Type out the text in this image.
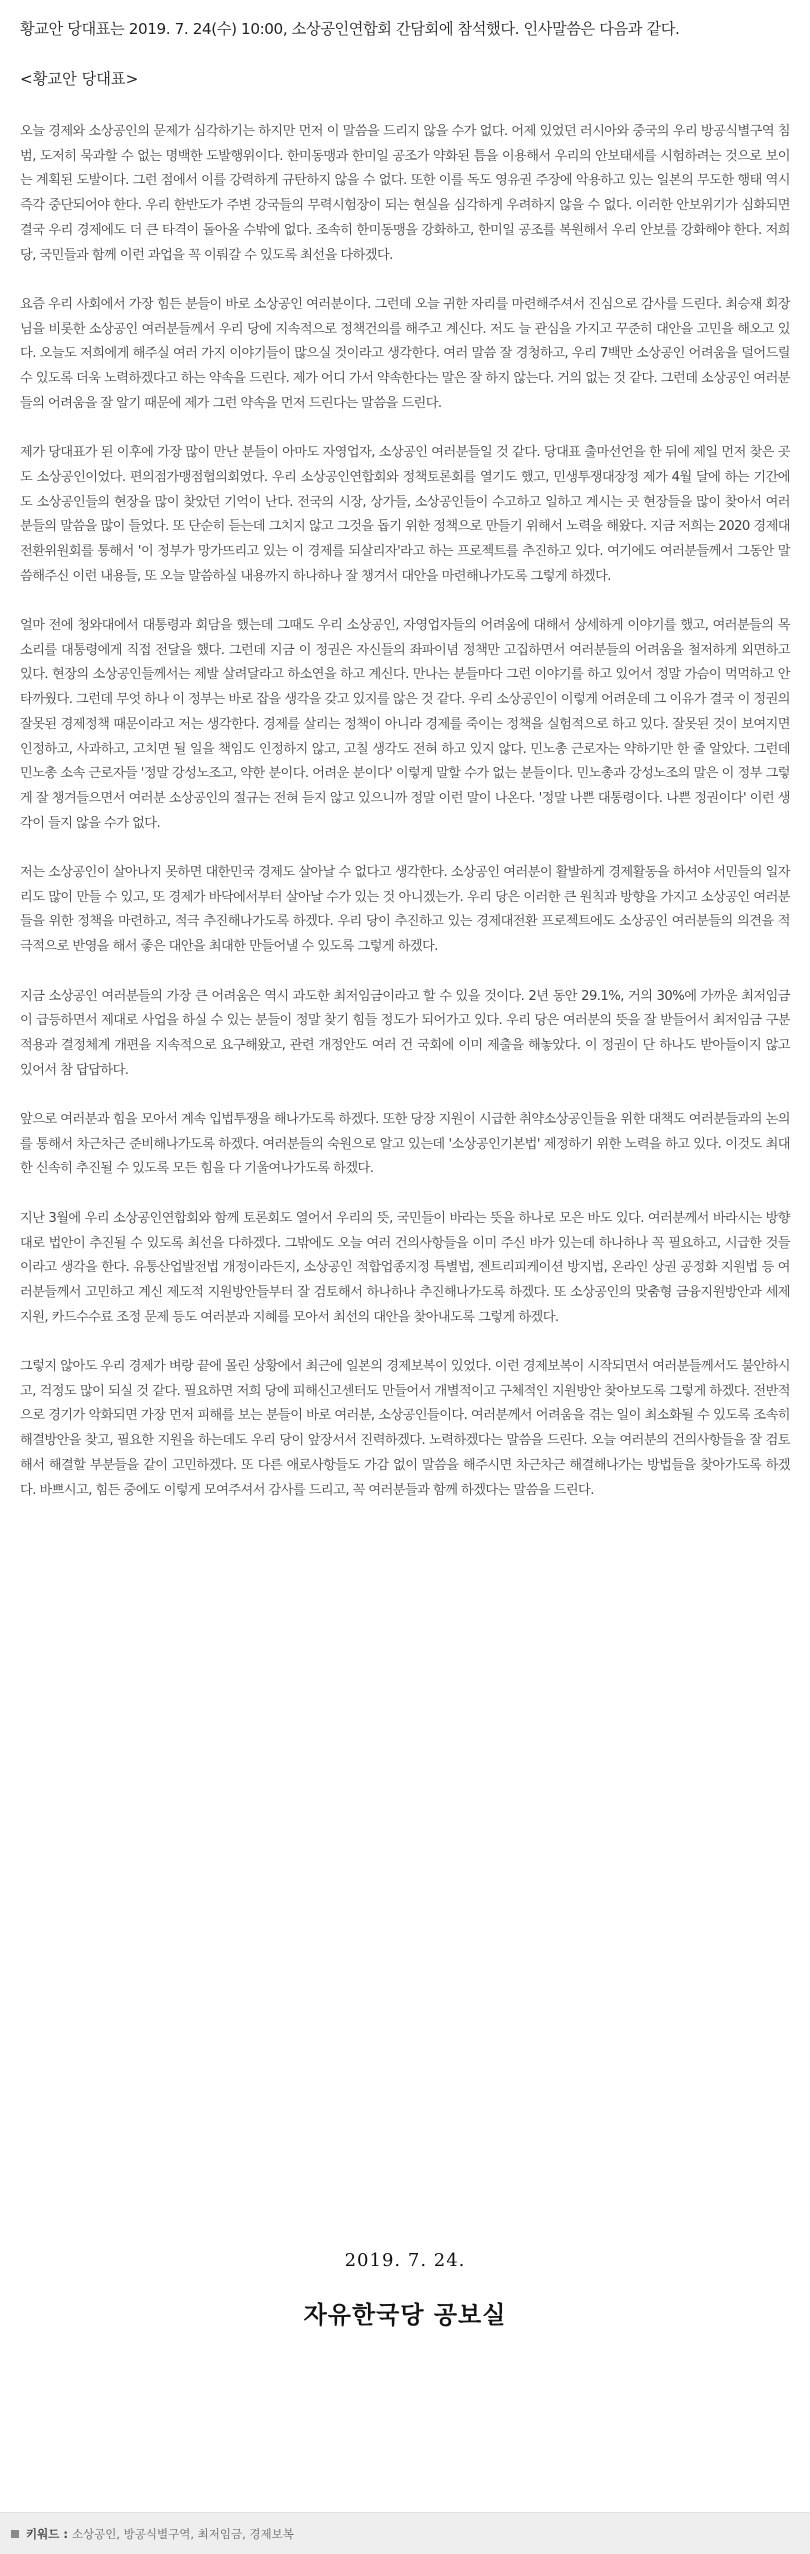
황교안 당대표는 2019. 7. 24(수) 10:00, 소상공인연합회 간담회에 참석했다. 인사말씀은 다음과 같다.

<황교안 당대표>

오늘 경제와 소상공인의 문제가 심각하기는 하지만 먼저 이 말씀을 드리지 않을 수가 없다. 어제 있었던 러시아와 중국의 우리 방공식별구역 침범, 도저히 묵과할 수 없는 명백한 도발행위이다. 한미동맹과 한미일 공조가 약화된 틈을 이용해서 우리의 안보태세를 시험하려는 것으로 보이는 계획된 도발이다. 그런 점에서 이를 강력하게 규탄하지 않을 수 없다. 또한 이를 독도 영유권 주장에 악용하고 있는 일본의 무도한 행태 역시 즉각 중단되어야 한다. 우리 한반도가 주변 강국들의 무력시험장이 되는 현실을 심각하게 우려하지 않을 수 없다. 이러한 안보위기가 심화되면 결국 우리 경제에도 더 큰 타격이 돌아올 수밖에 없다. 조속히 한미동맹을 강화하고, 한미일 공조를 복원해서 우리 안보를 강화해야 한다. 저희 당, 국민들과 함께 이런 과업을 꼭 이뤄갈 수 있도록 최선을 다하겠다.

요즘 우리 사회에서 가장 힘든 분들이 바로 소상공인 여러분이다. 그런데 오늘 귀한 자리를 마련해주셔서 진심으로 감사를 드린다. 최승재 회장님을 비롯한 소상공인 여러분들께서 우리 당에 지속적으로 정책건의를 해주고 계신다. 저도 늘 관심을 가지고 꾸준히 대안을 고민을 해오고 있다. 오늘도 저희에게 해주실 여러 가지 이야기들이 많으실 것이라고 생각한다. 여러 말씀 잘 경청하고, 우리 7백만 소상공인 어려움을 덜어드릴 수 있도록 더욱 노력하겠다고 하는 약속을 드린다. 제가 어디 가서 약속한다는 말은 잘 하지 않는다. 거의 없는 것 같다. 그런데 소상공인 여러분들의 어려움을 잘 알기 때문에 제가 그런 약속을 먼저 드린다는 말씀을 드린다.

제가 당대표가 된 이후에 가장 많이 만난 분들이 아마도 자영업자, 소상공인 여러분들일 것 같다. 당대표 출마선언을 한 뒤에 제일 먼저 찾은 곳도 소상공인이었다. 편의점가맹점협의회였다. 우리 소상공인연합회와 정책토론회를 열기도 했고, 민생투쟁대장정 제가 4월 달에 하는 기간에도 소상공인들의 현장을 많이 찾았던 기억이 난다. 전국의 시장, 상가들, 소상공인들이 수고하고 일하고 계시는 곳 현장들을 많이 찾아서 여러분들의 말씀을 많이 들었다. 또 단순히 듣는데 그치지 않고 그것을 돕기 위한 정책으로 만들기 위해서 노력을 해왔다. 지금 저희는 2020 경제대전환위원회를 통해서 '이 정부가 망가뜨리고 있는 이 경제를 되살리자'라고 하는 프로젝트를 추진하고 있다. 여기에도 여러분들께서 그동안 말씀해주신 이런 내용들, 또 오늘 말씀하실 내용까지 하나하나 잘 챙겨서 대안을 마련해나가도록 그렇게 하겠다.

얼마 전에 청와대에서 대통령과 회담을 했는데 그때도 우리 소상공인, 자영업자들의 어려움에 대해서 상세하게 이야기를 했고, 여러분들의 목소리를 대통령에게 직접 전달을 했다. 그런데 지금 이 정권은 자신들의 좌파이념 정책만 고집하면서 여러분들의 어려움을 철저하게 외면하고 있다. 현장의 소상공인들께서는 제발 살려달라고 하소연을 하고 계신다. 만나는 분들마다 그런 이야기를 하고 있어서 정말 가슴이 먹먹하고 안타까웠다. 그런데 무엇 하나 이 정부는 바로 잡을 생각을 갖고 있지를 않은 것 같다. 우리 소상공인이 이렇게 어려운데 그 이유가 결국 이 정권의 잘못된 경제정책 때문이라고 저는 생각한다. 경제를 살리는 정책이 아니라 경제를 죽이는 정책을 실험적으로 하고 있다. 잘못된 것이 보여지면 인정하고, 사과하고, 고치면 될 일을 책임도 인정하지 않고, 고칠 생각도 전혀 하고 있지 않다. 민노총 근로자는 약하기만 한 줄 알았다. 그런데 민노총 소속 근로자들 '정말 강성노조고, 약한 분이다. 어려운 분이다' 이렇게 말할 수가 없는 분들이다. 민노총과 강성노조의 말은 이 정부 그렇게 잘 챙겨들으면서 여러분 소상공인의 절규는 전혀 듣지 않고 있으니까 정말 이런 말이 나온다. '정말 나쁜 대통령이다. 나쁜 정권이다' 이런 생각이 들지 않을 수가 없다.

저는 소상공인이 살아나지 못하면 대한민국 경제도 살아날 수 없다고 생각한다. 소상공인 여러분이 활발하게 경제활동을 하셔야 서민들의 일자리도 많이 만들 수 있고, 또 경제가 바닥에서부터 살아날 수가 있는 것 아니겠는가. 우리 당은 이러한 큰 원칙과 방향을 가지고 소상공인 여러분들을 위한 정책을 마련하고, 적극 추진해나가도록 하겠다. 우리 당이 추진하고 있는 경제대전환 프로젝트에도 소상공인 여러분들의 의견을 적극적으로 반영을 해서 좋은 대안을 최대한 만들어낼 수 있도록 그렇게 하겠다.

지금 소상공인 여러분들의 가장 큰 어려움은 역시 과도한 최저임금이라고 할 수 있을 것이다. 2년 동안 29.1%, 거의 30%에 가까운 최저임금이 급등하면서 제대로 사업을 하실 수 있는 분들이 정말 찾기 힘들 정도가 되어가고 있다. 우리 당은 여러분의 뜻을 잘 받들어서 최저임금 구분적용과 결정체계 개편을 지속적으로 요구해왔고, 관련 개정안도 여러 건 국회에 이미 제출을 해놓았다. 이 정권이 단 하나도 받아들이지 않고 있어서 참 답답하다.

앞으로 여러분과 힘을 모아서 계속 입법투쟁을 해나가도록 하겠다. 또한 당장 지원이 시급한 취약소상공인들을 위한 대책도 여러분들과의 논의를 통해서 차근차근 준비해나가도록 하겠다. 여러분들의 숙원으로 알고 있는데 '소상공인기본법' 제정하기 위한 노력을 하고 있다. 이것도 최대한 신속히 추진될 수 있도록 모든 힘을 다 기울여나가도록 하겠다.

지난 3월에 우리 소상공인연합회와 함께 토론회도 열어서 우리의 뜻, 국민들이 바라는 뜻을 하나로 모은 바도 있다. 여러분께서 바라시는 방향대로 법안이 추진될 수 있도록 최선을 다하겠다. 그밖에도 오늘 여러 건의사항들을 이미 주신 바가 있는데 하나하나 꼭 필요하고, 시급한 것들이라고 생각을 한다. 유통산업발전법 개정이라든지, 소상공인 적합업종지정 특별법, 젠트리피케이션 방지법, 온라인 상권 공정화 지원법 등 여러분들께서 고민하고 계신 제도적 지원방안들부터 잘 검토해서 하나하나 추진해나가도록 하겠다. 또 소상공인의 맞춤형 금융지원방안과 세제지원, 카드수수료 조정 문제 등도 여러분과 지혜를 모아서 최선의 대안을 찾아내도록 그렇게 하겠다.

그렇지 않아도 우리 경제가 벼랑 끝에 몰린 상황에서 최근에 일본의 경제보복이 있었다. 이런 경제보복이 시작되면서 여러분들께서도 불안하시고, 걱정도 많이 되실 것 같다. 필요하면 저희 당에 피해신고센터도 만들어서 개별적이고 구체적인 지원방안 찾아보도록 그렇게 하겠다. 전반적으로 경기가 악화되면 가장 먼저 피해를 보는 분들이 바로 여러분, 소상공인들이다. 여러분께서 어려움을 겪는 일이 최소화될 수 있도록 조속히 해결방안을 찾고, 필요한 지원을 하는데도 우리 당이 앞장서서 진력하겠다. 노력하겠다는 말씀을 드린다. 오늘 여러분의 건의사항들을 잘 검토해서 해결할 부분들을 같이 고민하겠다. 또 다른 애로사항들도 가감 없이 말씀을 해주시면 차근차근 해결해나가는 방법들을 찾아가도록 하겠다. 바쁘시고, 힘든 중에도 이렇게 모여주셔서 감사를 드리고, 꼭 여러분들과 함께 하겠다는 말씀을 드린다.

2019. 7. 24.
자유한국당 공보실
키워드 : 소상공인, 방공식별구역, 최저임금, 경제보복
